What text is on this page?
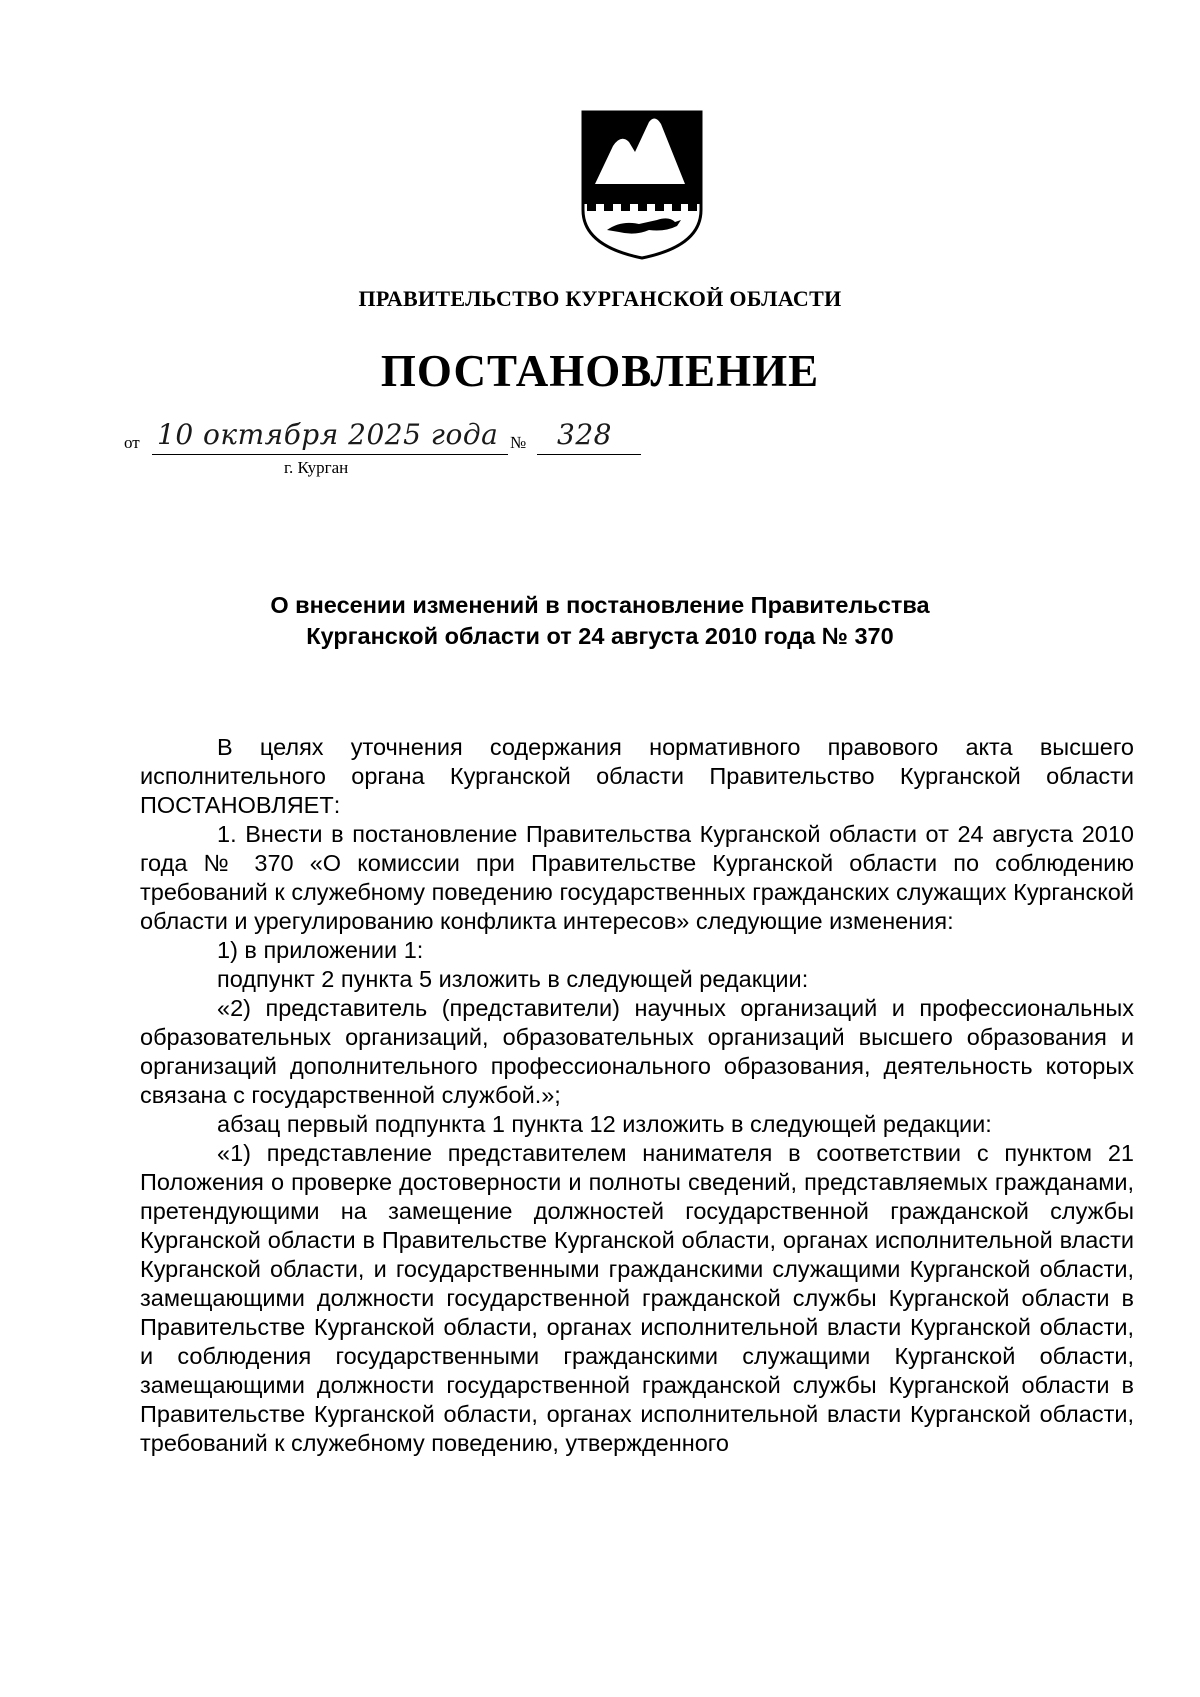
ПРАВИТЕЛЬСТВО КУРГАНСКОЙ ОБЛАСТИ
ПОСТАНОВЛЕНИЕ
от 10 октября 2025 года № 328
г. Курган
О внесении изменений в постановление Правительства
Курганской области от 24 августа 2010 года № 370

В целях уточнения содержания нормативного правового акта высшего исполнительного органа Курганской области Правительство Курганской области ПОСТАНОВЛЯЕТ:

1. Внести в постановление Правительства Курганской области от 24 августа 2010 года № 370 «О комиссии при Правительстве Курганской области по соблюдению требований к служебному поведению государственных гражданских служащих Курганской области и урегулированию конфликта интересов» следующие изменения:

1) в приложении 1:

подпункт 2 пункта 5 изложить в следующей редакции:

«2) представитель (представители) научных организаций и профессиональных образовательных организаций, образовательных организаций высшего образования и организаций дополнительного профессионального образования, деятельность которых связана с государственной службой.»;

абзац первый подпункта 1 пункта 12 изложить в следующей редакции:

«1) представление представителем нанимателя в соответствии с пунктом 21 Положения о проверке достоверности и полноты сведений, представляемых гражданами, претендующими на замещение должностей государственной гражданской службы Курганской области в Правительстве Курганской области, органах исполнительной власти Курганской области, и государственными гражданскими служащими Курганской области, замещающими должности государственной гражданской службы Курганской области в Правительстве Курганской области, органах исполнительной власти Курганской области, и соблюдения государственными гражданскими служащими Курганской области, замещающими должности государственной гражданской службы Курганской области в Правительстве Курганской области, органах исполнительной власти Курганской области, требований к служебному поведению, утвержденного
